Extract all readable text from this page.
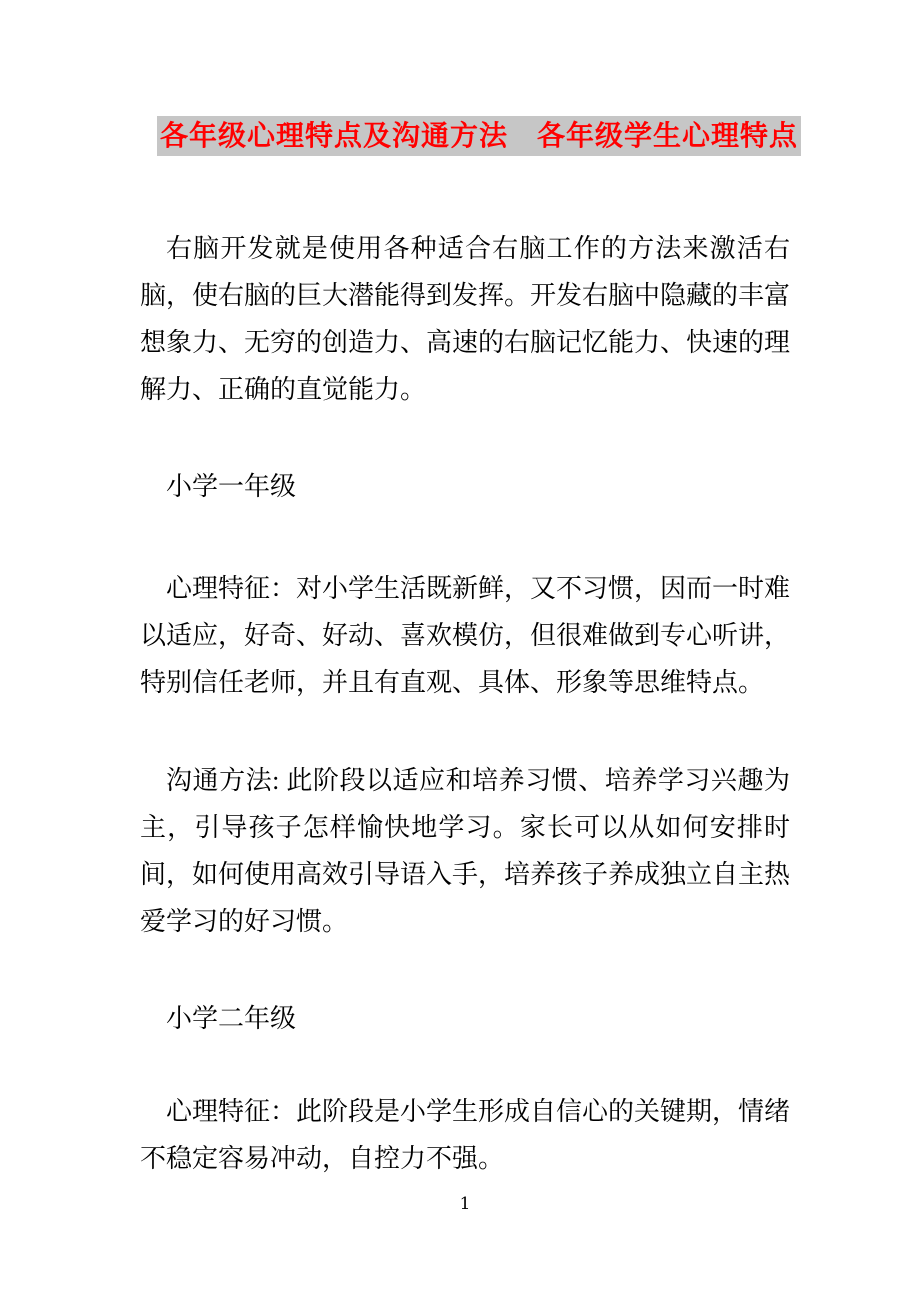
各年级心理特点及沟通方法　各年级学生心理特点
右脑开发就是使用各种适合右脑工作的方法来激活右脑，使右脑的巨大潜能得到发挥。开发右脑中隐藏的丰富想象力、无穷的创造力、高速的右脑记忆能力、快速的理解力、正确的直觉能力。
小学一年级
心理特征：对小学生活既新鲜，又不习惯，因而一时难以适应，好奇、好动、喜欢模仿，但很难做到专心听讲，特别信任老师，并且有直观、具体、形象等思维特点。
沟通方法: 此阶段以适应和培养习惯、培养学习兴趣为主，引导孩子怎样愉快地学习。家长可以从如何安排时间，如何使用高效引导语入手，培养孩子养成独立自主热爱学习的好习惯。
小学二年级
心理特征：此阶段是小学生形成自信心的关键期，情绪不稳定容易冲动，自控力不强。
1
